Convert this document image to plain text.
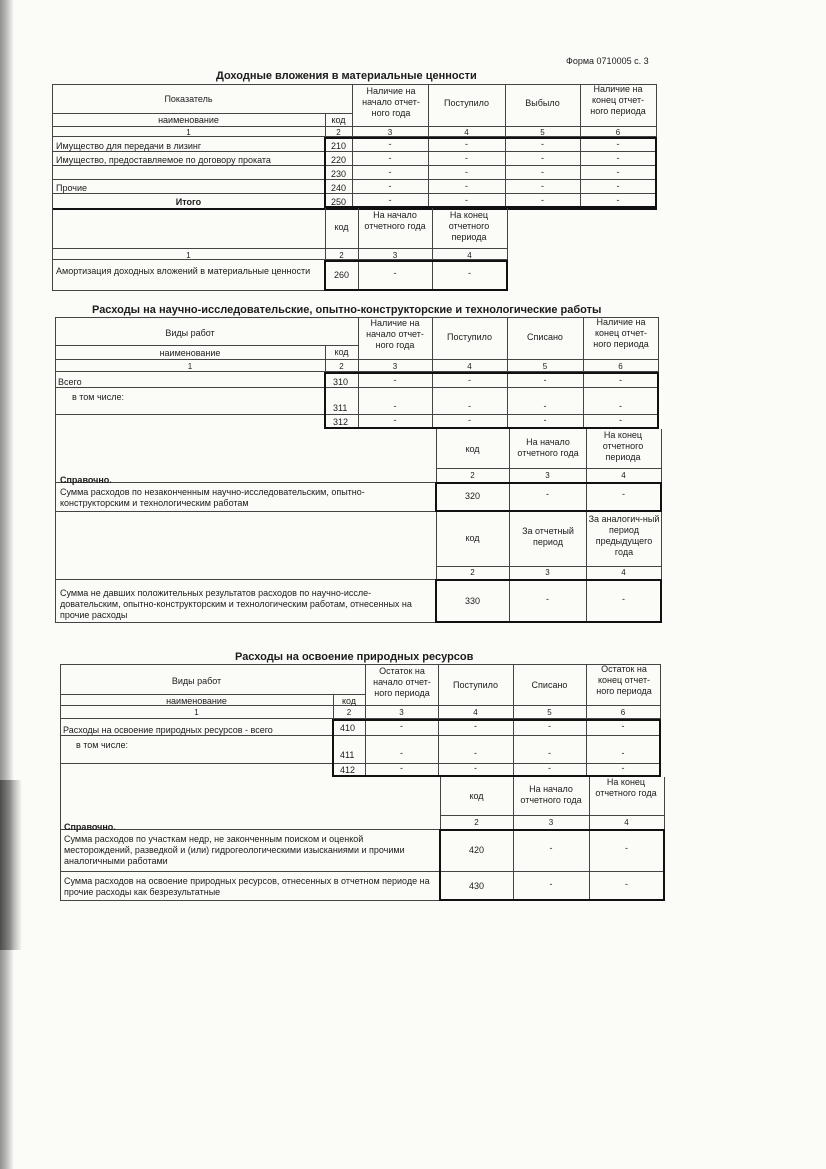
Форма 0710005 с. 3
Доходные вложения в материальные ценности
Показатель
наименование	код
Наличие на начало отчет-ного года
Поступило	Выбыло
Наличие на конец отчет-ного периода
1	2	3	4	5	6
Имущество для передачи в лизинг	210	-	-	-	-
Имущество, предоставляемое по договору проката	220	-	-	-	-
230	-	-	-	-
Прочие	240	-	-	-	-
Итого	250	-	-	-	-
код
На начало отчетного года
На конец отчетного периода
1	2	3	4
Амортизация доходных вложений в материальные ценности	260	-	-
Расходы на научно-исследовательские, опытно-конструкторские и технологические работы
Виды работ
наименование	код
Наличие на начало отчет-ного года
Поступило	Списано
Наличие на конец отчет-ного периода
1	2	3	4	5	6
Всего	310	-	-	-	-
в том числе:
311	-	-	-	-
312	-	-	-	-
код
На начало отчетного года
На конец отчетного периода
Справочно.	2	3	4
Сумма расходов по незаконченным научно-исследовательским, опытно-конструкторским и технологическим работам
320	-	-
код
За отчетный период
За аналогич-ный период предыдущего года
2	3	4
Сумма не давших положительных результатов расходов по научно-иссле-довательским, опытно-конструкторским и технологическим работам, отнесенных на прочие расходы
330	-	-
Расходы на освоение природных ресурсов
Виды работ
наименование	код
Остаток на начало отчет-ного периода
Поступило	Списано
Остаток на конец отчет-ного периода
1	2	3	4	5	6
Расходы на освоение природных ресурсов - всего	410	-	-	-	-
в том числе:
411	-	-	-	-
412	-	-	-	-
код
На начало отчетного года
На конец отчетного года
Справочно.	2	3	4
Сумма расходов по участкам недр, не законченным поиском и оценкой месторождений, разведкой и (или) гидрогеологическими изысканиями и прочими аналогичными работами
420	-	-
Сумма расходов на освоение природных ресурсов, отнесенных в отчетном периоде на прочие расходы как безрезультатные
430	-	-
